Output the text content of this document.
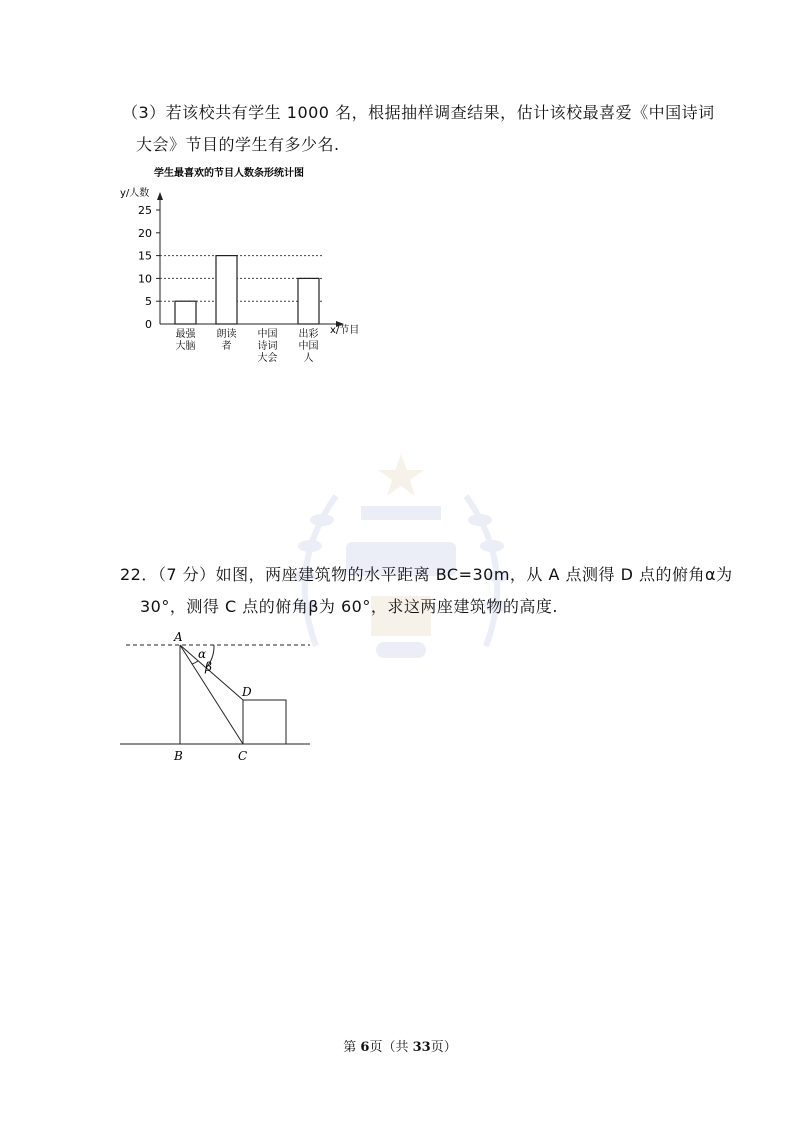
（3）若该校共有学生 1000 名，根据抽样调查结果，估计该校最喜爱《中国诗词
大会》节目的学生有多少名.
学生最喜欢的节目人数条形统计图
y/人数
x/节目
25
20
15
10
5
0
最强
大脑
朗读
者
中国
诗词
大会
出彩
中国
人
22．（7 分）如图，两座建筑物的水平距离 BC=30m，从 A 点测得 D 点的俯角α为
30°，测得 C 点的俯角β为 60°，求这两座建筑物的高度.
A
α
β
D
B	C
第 6页（共 33页）
